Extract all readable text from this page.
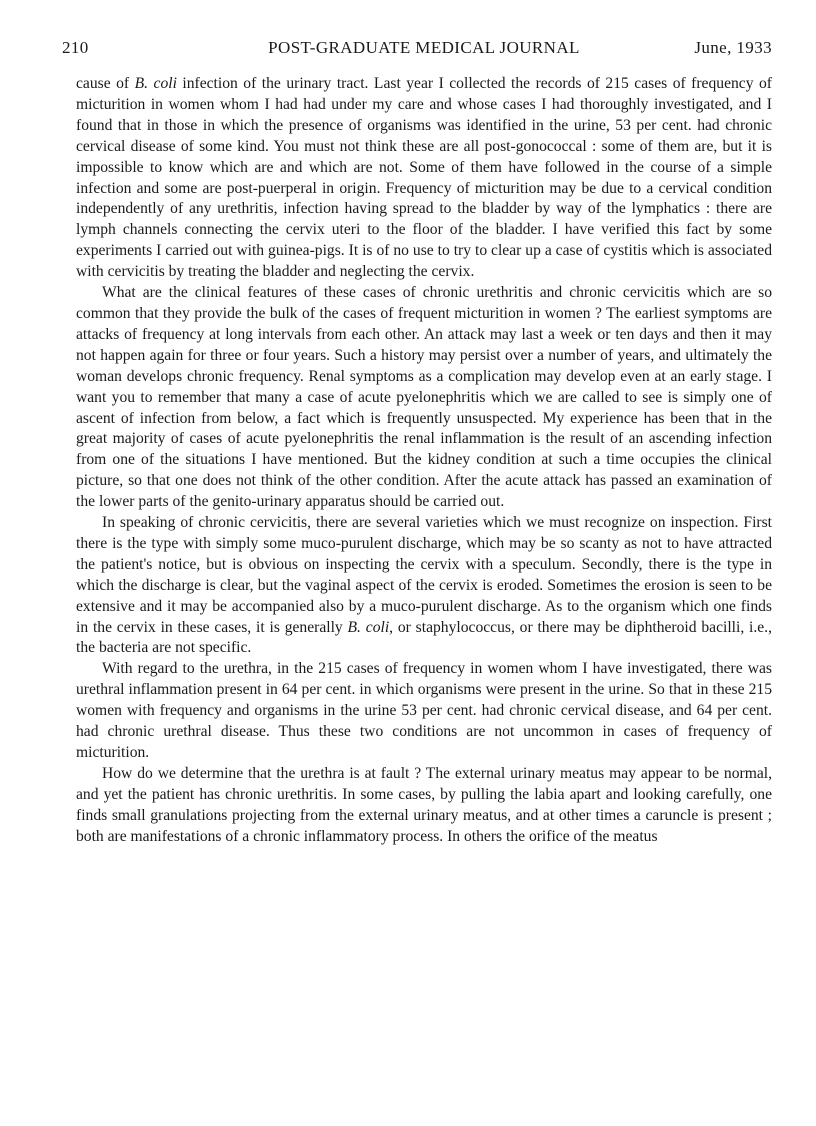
210	POST-GRADUATE MEDICAL JOURNAL	June, 1933

cause of B. coli infection of the urinary tract. Last year I collected the records of 215 cases of frequency of micturition in women whom I had had under my care and whose cases I had thoroughly investigated, and I found that in those in which the presence of organisms was identified in the urine, 53 per cent. had chronic cervical disease of some kind. You must not think these are all post-gonococcal : some of them are, but it is impossible to know which are and which are not. Some of them have followed in the course of a simple infection and some are post-puerperal in origin. Frequency of micturition may be due to a cervical condition independently of any urethritis, infection having spread to the bladder by way of the lymphatics : there are lymph channels connecting the cervix uteri to the floor of the bladder. I have verified this fact by some experiments I carried out with guinea-pigs. It is of no use to try to clear up a case of cystitis which is associated with cervicitis by treating the bladder and neglecting the cervix.

What are the clinical features of these cases of chronic urethritis and chronic cervicitis which are so common that they provide the bulk of the cases of frequent micturition in women ? The earliest symptoms are attacks of frequency at long intervals from each other. An attack may last a week or ten days and then it may not happen again for three or four years. Such a history may persist over a number of years, and ultimately the woman develops chronic frequency. Renal symptoms as a complication may develop even at an early stage. I want you to remember that many a case of acute pyelonephritis which we are called to see is simply one of ascent of infection from below, a fact which is frequently unsuspected. My experience has been that in the great majority of cases of acute pyelonephritis the renal inflammation is the result of an ascending infection from one of the situations I have mentioned. But the kidney condition at such a time occupies the clinical picture, so that one does not think of the other condition. After the acute attack has passed an examination of the lower parts of the genito-urinary apparatus should be carried out.

In speaking of chronic cervicitis, there are several varieties which we must recognize on inspection. First there is the type with simply some muco-purulent discharge, which may be so scanty as not to have attracted the patient's notice, but is obvious on inspecting the cervix with a speculum. Secondly, there is the type in which the discharge is clear, but the vaginal aspect of the cervix is eroded. Sometimes the erosion is seen to be extensive and it may be accompanied also by a muco-purulent discharge. As to the organism which one finds in the cervix in these cases, it is generally B. coli, or staphylococcus, or there may be diphtheroid bacilli, i.e., the bacteria are not specific.

With regard to the urethra, in the 215 cases of frequency in women whom I have investigated, there was urethral inflammation present in 64 per cent. in which organisms were present in the urine. So that in these 215 women with frequency and organisms in the urine 53 per cent. had chronic cervical disease, and 64 per cent. had chronic urethral disease. Thus these two conditions are not uncommon in cases of frequency of micturition.

How do we determine that the urethra is at fault ? The external urinary meatus may appear to be normal, and yet the patient has chronic urethritis. In some cases, by pulling the labia apart and looking carefully, one finds small granulations projecting from the external urinary meatus, and at other times a caruncle is present ; both are manifestations of a chronic inflammatory process. In others the orifice of the meatus
